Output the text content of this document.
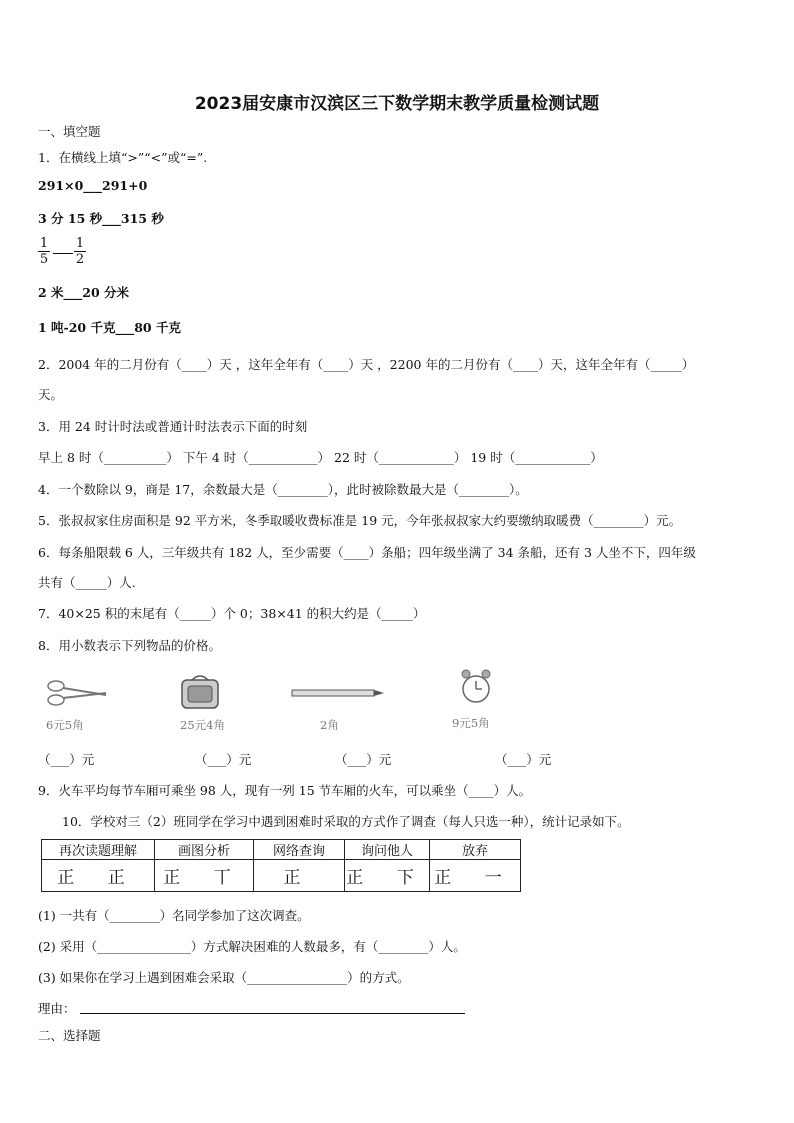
2023届安康市汉滨区三下数学期末教学质量检测试题
一、填空题
1．在横线上填“>”“<”或“=”.
291×0___291+0
3 分 15 秒___315 秒
$\frac{1}{5} \frac{1}{2}$
2 米___20 分米
1 吨-20 千克___80 千克
2．2004 年的二月份有（____）天 ，这年全年有（____）天 ，2200 年的二月份有（____）天，这年全年有（_____）
天。
3．用 24 时计时法或普通计时法表示下面的时刻
早上 8 时（__________） 下午 4 时（___________） 22 时（____________） 19 时（____________）
4．一个数除以 9，商是 17，余数最大是（________），此时被除数最大是（________）。
5．张叔叔家住房面积是 92 平方米，冬季取暖收费标准是 19 元，今年张叔叔家大约要缴纳取暖费（________）元。
6．每条船限载 6 人，三年级共有 182 人，至少需要（____）条船；四年级坐满了 34 条船，还有 3 人坐不下，四年级
共有（_____）人.
7．40×25 积的末尾有（_____）个 0；38×41 的积大约是（_____）
8．用小数表示下列物品的价格。
6元5角	25元4角	2角	9元5角
（___）元	（___）元	（___）元	（___）元
9．火车平均每节车厢可乘坐 98 人，现有一列 15 节车厢的火车，可以乘坐（____）人。
10．学校对三（2）班同学在学习中遇到困难时采取的方式作了调查（每人只选一种），统计记录如下。
再次读题理解	画图分析	网络查询	询问他人	放弃
正 正	正 丅	正	正 下	正 一
(1) 一共有（________）名同学参加了这次调查。
(2) 采用（_______________）方式解决困难的人数最多，有（________）人。
(3) 如果你在学习上遇到困难会采取（________________）的方式。
理由：
二、选择题
